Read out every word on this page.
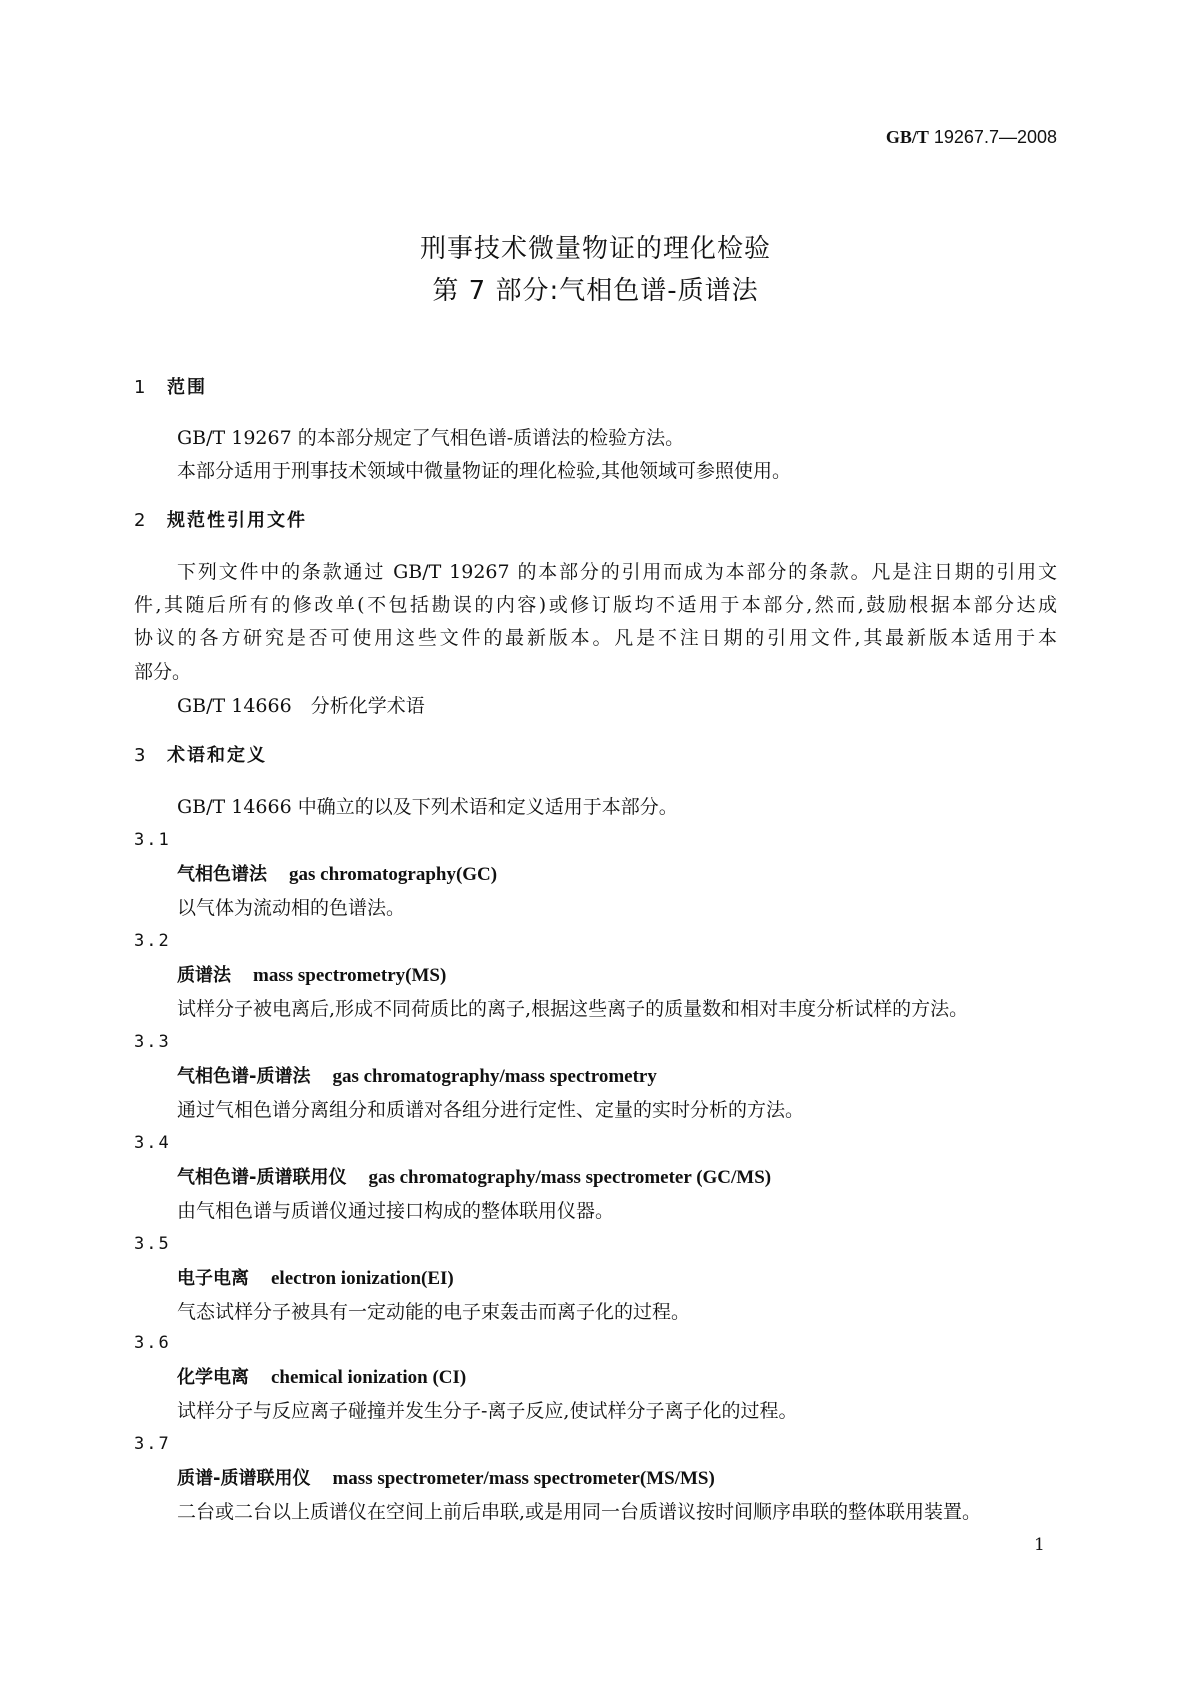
GB/T 19267.7—2008
刑事技术微量物证的理化检验
第 7 部分:气相色谱-质谱法
1 范围
GB/T 19267 的本部分规定了气相色谱-质谱法的检验方法。
本部分适用于刑事技术领域中微量物证的理化检验,其他领域可参照使用。
2 规范性引用文件
下列文件中的条款通过 GB/T 19267 的本部分的引用而成为本部分的条款。凡是注日期的引用文
件,其随后所有的修改单(不包括勘误的内容)或修订版均不适用于本部分,然而,鼓励根据本部分达成
协议的各方研究是否可使用这些文件的最新版本。凡是不注日期的引用文件,其最新版本适用于本
部分。
GB/T 14666　分析化学术语
3 术语和定义
GB/T 14666 中确立的以及下列术语和定义适用于本部分。
3.1
气相色谱法 gas chromatography(GC)
以气体为流动相的色谱法。
3.2
质谱法 mass spectrometry(MS)
试样分子被电离后,形成不同荷质比的离子,根据这些离子的质量数和相对丰度分析试样的方法。
3.3
气相色谱-质谱法 gas chromatography/mass spectrometry
通过气相色谱分离组分和质谱对各组分进行定性、定量的实时分析的方法。
3.4
气相色谱-质谱联用仪 gas chromatography/mass spectrometer (GC/MS)
由气相色谱与质谱仪通过接口构成的整体联用仪器。
3.5
电子电离 electron ionization(EI)
气态试样分子被具有一定动能的电子束轰击而离子化的过程。
3.6
化学电离 chemical ionization (CI)
试样分子与反应离子碰撞并发生分子-离子反应,使试样分子离子化的过程。
3.7
质谱-质谱联用仪 mass spectrometer/mass spectrometer(MS/MS)
二台或二台以上质谱仪在空间上前后串联,或是用同一台质谱议按时间顺序串联的整体联用装置。
1
